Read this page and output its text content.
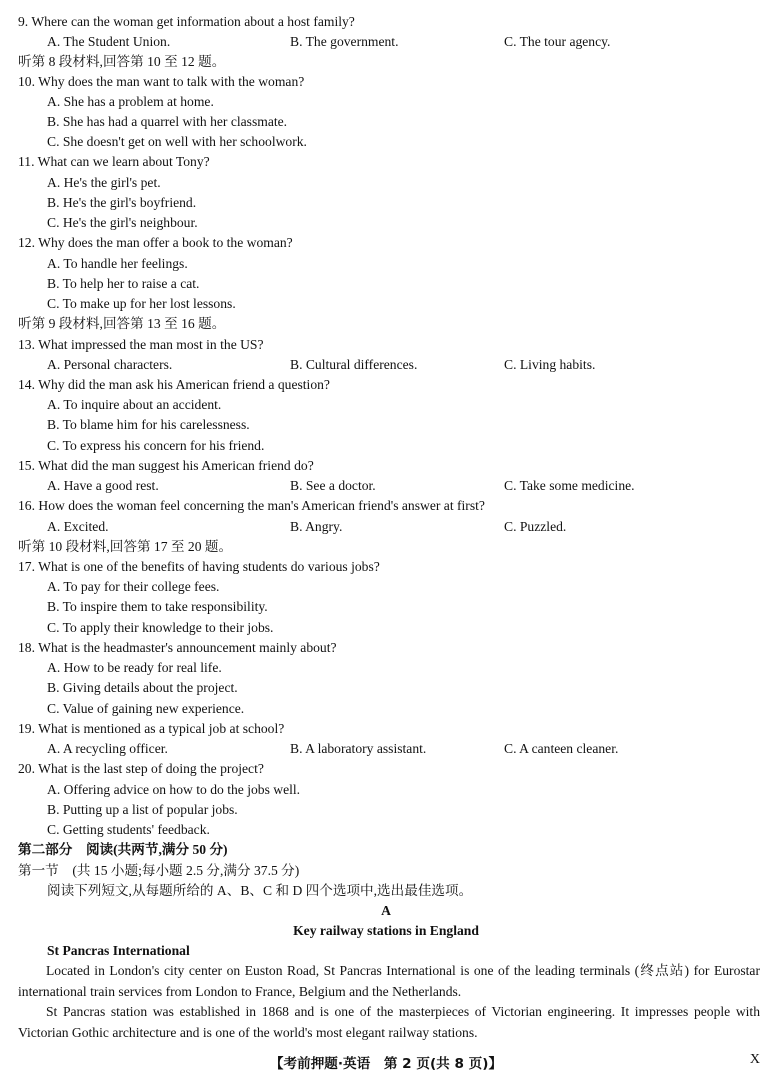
9. Where can the woman get information about a host family?
A. The Student Union.	B. The government.	C. The tour agency.
听第 8 段材料,回答第 10 至 12 题。
10. Why does the man want to talk with the woman?
A. She has a problem at home.
B. She has had a quarrel with her classmate.
C. She doesn't get on well with her schoolwork.
11. What can we learn about Tony?
A. He's the girl's pet.
B. He's the girl's boyfriend.
C. He's the girl's neighbour.
12. Why does the man offer a book to the woman?
A. To handle her feelings.
B. To help her to raise a cat.
C. To make up for her lost lessons.
听第 9 段材料,回答第 13 至 16 题。
13. What impressed the man most in the US?
A. Personal characters.	B. Cultural differences.	C. Living habits.
14. Why did the man ask his American friend a question?
A. To inquire about an accident.
B. To blame him for his carelessness.
C. To express his concern for his friend.
15. What did the man suggest his American friend do?
A. Have a good rest.	B. See a doctor.	C. Take some medicine.
16. How does the woman feel concerning the man's American friend's answer at first?
A. Excited.	B. Angry.	C. Puzzled.
听第 10 段材料,回答第 17 至 20 题。
17. What is one of the benefits of having students do various jobs?
A. To pay for their college fees.
B. To inspire them to take responsibility.
C. To apply their knowledge to their jobs.
18. What is the headmaster's announcement mainly about?
A. How to be ready for real life.
B. Giving details about the project.
C. Value of gaining new experience.
19. What is mentioned as a typical job at school?
A. A recycling officer.	B. A laboratory assistant.	C. A canteen cleaner.
20. What is the last step of doing the project?
A. Offering advice on how to do the jobs well.
B. Putting up a list of popular jobs.
C. Getting students' feedback.
第二部分　阅读(共两节,满分 50 分)
第一节　(共 15 小题;每小题 2.5 分,满分 37.5 分)
阅读下列短文,从每题所给的 A、B、C 和 D 四个选项中,选出最佳选项。
A
Key railway stations in England
St Pancras International

Located in London's city center on Euston Road, St Pancras International is one of the leading terminals (终点站) for Eurostar international train services from London to France, Belgium and the Netherlands.

St Pancras station was established in 1868 and is one of the masterpieces of Victorian engineering. It impresses people with Victorian Gothic architecture and is one of the world's most elegant railway stations.

【考前押题·英语　第 2 页(共 8 页)】	X
